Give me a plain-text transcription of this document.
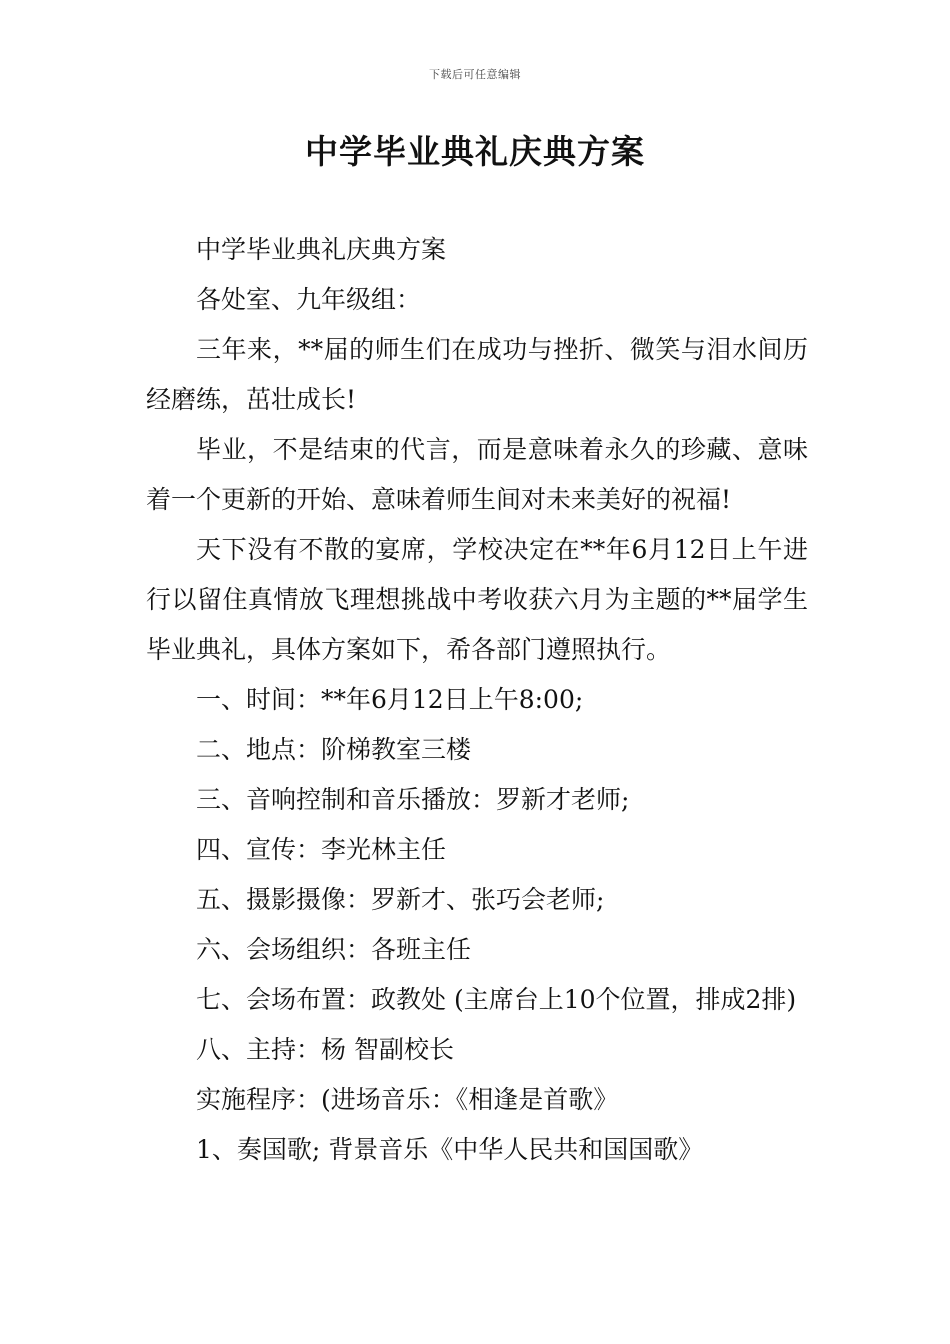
下载后可任意编辑
中学毕业典礼庆典方案

中学毕业典礼庆典方案

各处室、九年级组：

三年来，**届的师生们在成功与挫折、微笑与泪水间历经磨练，茁壮成长!

毕业，不是结束的代言，而是意味着永久的珍藏、意味着一个更新的开始、意味着师生间对未来美好的祝福!

天下没有不散的宴席，学校决定在**年6月12日上午进行以留住真情放飞理想挑战中考收获六月为主题的**届学生毕业典礼，具体方案如下，希各部门遵照执行。

一、时间：**年6月12日上午8:00;

二、地点：阶梯教室三楼

三、音响控制和音乐播放：罗新才老师;

四、宣传：李光林主任

五、摄影摄像：罗新才、张巧会老师;

六、会场组织：各班主任

七、会场布置：政教处 (主席台上10个位置，排成2排)

八、主持：杨 智副校长

实施程序：(进场音乐：《相逢是首歌》

1、奏国歌; 背景音乐《中华人民共和国国歌》
